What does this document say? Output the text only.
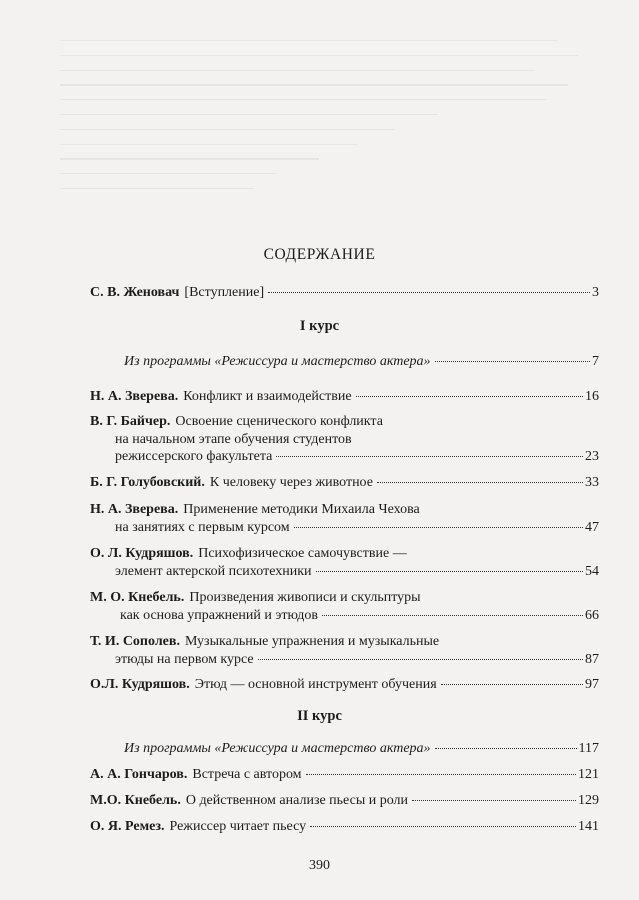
СОДЕРЖАНИЕ
С. В. Женовач [Вступление]	3
I курс
Из программы «Режиссура и мастерство актера»	7
Н. А. Зверева. Конфликт и взаимодействие	16
В. Г. Байчер. Освоение сценического конфликта
на начальном этапе обучения студентов
режиссерского факультета	23
Б. Г. Голубовский. К человеку через животное	33
Н. А. Зверева. Применение методики Михаила Чехова
на занятиях с первым курсом	47
О. Л. Кудряшов. Психофизическое самочувствие —
элемент актерской психотехники	54
М. О. Кнебель. Произведения живописи и скульптуры
как основа упражнений и этюдов	66
Т. И. Сополев. Музыкальные упражнения и музыкальные
этюды на первом курсе	87
О.Л. Кудряшов. Этюд — основной инструмент обучения	97
II курс
Из программы «Режиссура и мастерство актера»	117
А. А. Гончаров. Встреча с автором	121
М.О. Кнебель. О действенном анализе пьесы и роли	129
О. Я. Ремез. Режиссер читает пьесу	141
390
